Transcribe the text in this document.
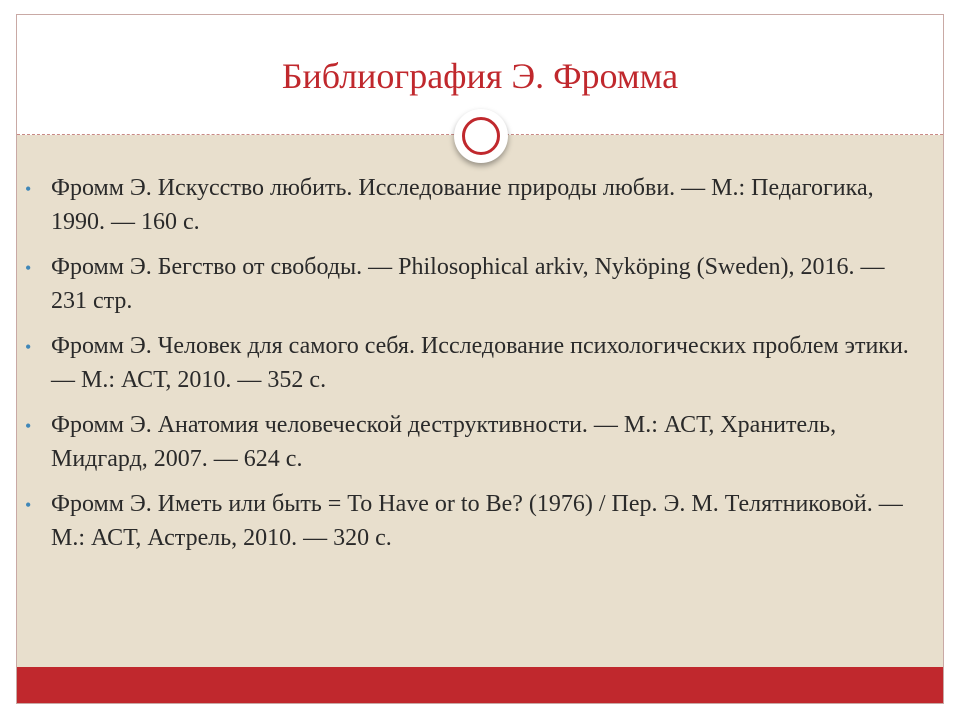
Библиография Э. Фромма
• Фромм Э. Искусство любить. Исследование природы любви. — М.: Педагогика, 1990. — 160 с.
• Фромм Э. Бегство от свободы. — Philosophical arkiv, Nyköping (Sweden), 2016. — 231 стр.
• Фромм Э. Человек для самого себя. Исследование психологических проблем этики. — М.: АСТ, 2010. — 352 с.
• Фромм Э. Анатомия человеческой деструктивности. — М.: АСТ, Хранитель, Мидгард, 2007. — 624 с.
• Фромм Э. Иметь или быть = To Have or to Be? (1976) / Пер. Э. М. Телятниковой. — М.: АСТ, Астрель, 2010. — 320 с.
